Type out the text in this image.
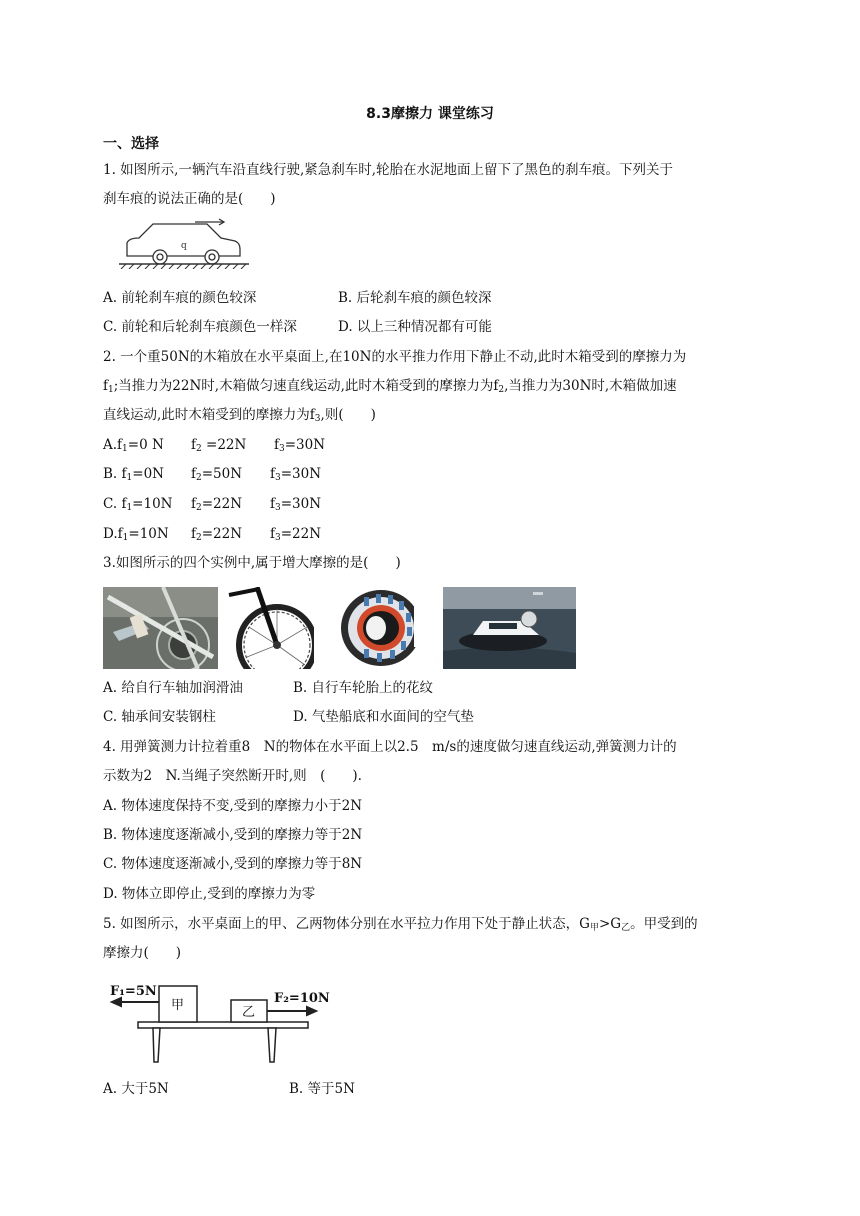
8.3摩擦力 课堂练习
一、选择
1. 如图所示,一辆汽车沿直线行驶,紧急刹车时,轮胎在水泥地面上留下了黑色的刹车痕。下列关于
刹车痕的说法正确的是(　　)
q
A. 前轮刹车痕的颜色较深	B. 后轮刹车痕的颜色较深
C. 前轮和后轮刹车痕颜色一样深	D. 以上三种情况都有可能
2. 一个重50N的木箱放在水平桌面上,在10N的水平推力作用下静止不动,此时木箱受到的摩擦力为
$f_1$;当推力为22N时,木箱做匀速直线运动,此时木箱受到的摩擦力为$f_2$,当推力为30N时,木箱做加速
直线运动,此时木箱受到的摩擦力为$f_3$,则(　　)
$A.f_1=0$ N $f_2 =22N$ $f_3=30N$
B. $f_1=0N$ $f_2=50N$ $f_3=30N$
C. $f_1=10N$ $f_2=22N$ $f_3=30N$
$D.f_1=10N$ $f_2=22N$ $f_3=22N$
3.如图所示的四个实例中,属于增大摩擦的是(　　)
A. 给自行车轴加润滑油	B. 自行车轮胎上的花纹
C. 轴承间安装钢柱	D. 气垫船底和水面间的空气垫
4. 用弹簧测力计拉着重8　N的物体在水平面上以2.5　m/s的速度做匀速直线运动,弹簧测力计的
示数为2　N.当绳子突然断开时,则　(　　).
A. 物体速度保持不变,受到的摩擦力小于2N
B. 物体速度逐渐减小,受到的摩擦力等于2N
C. 物体速度逐渐减小,受到的摩擦力等于8N
D. 物体立即停止,受到的摩擦力为零
5. 如图所示，水平桌面上的甲、乙两物体分别在水平拉力作用下处于静止状态，$G_甲>G_乙$。甲受到的
摩擦力(　　)
F₁=5N	F₂=10N
甲	乙
A. 大于5N	B. 等于5N
